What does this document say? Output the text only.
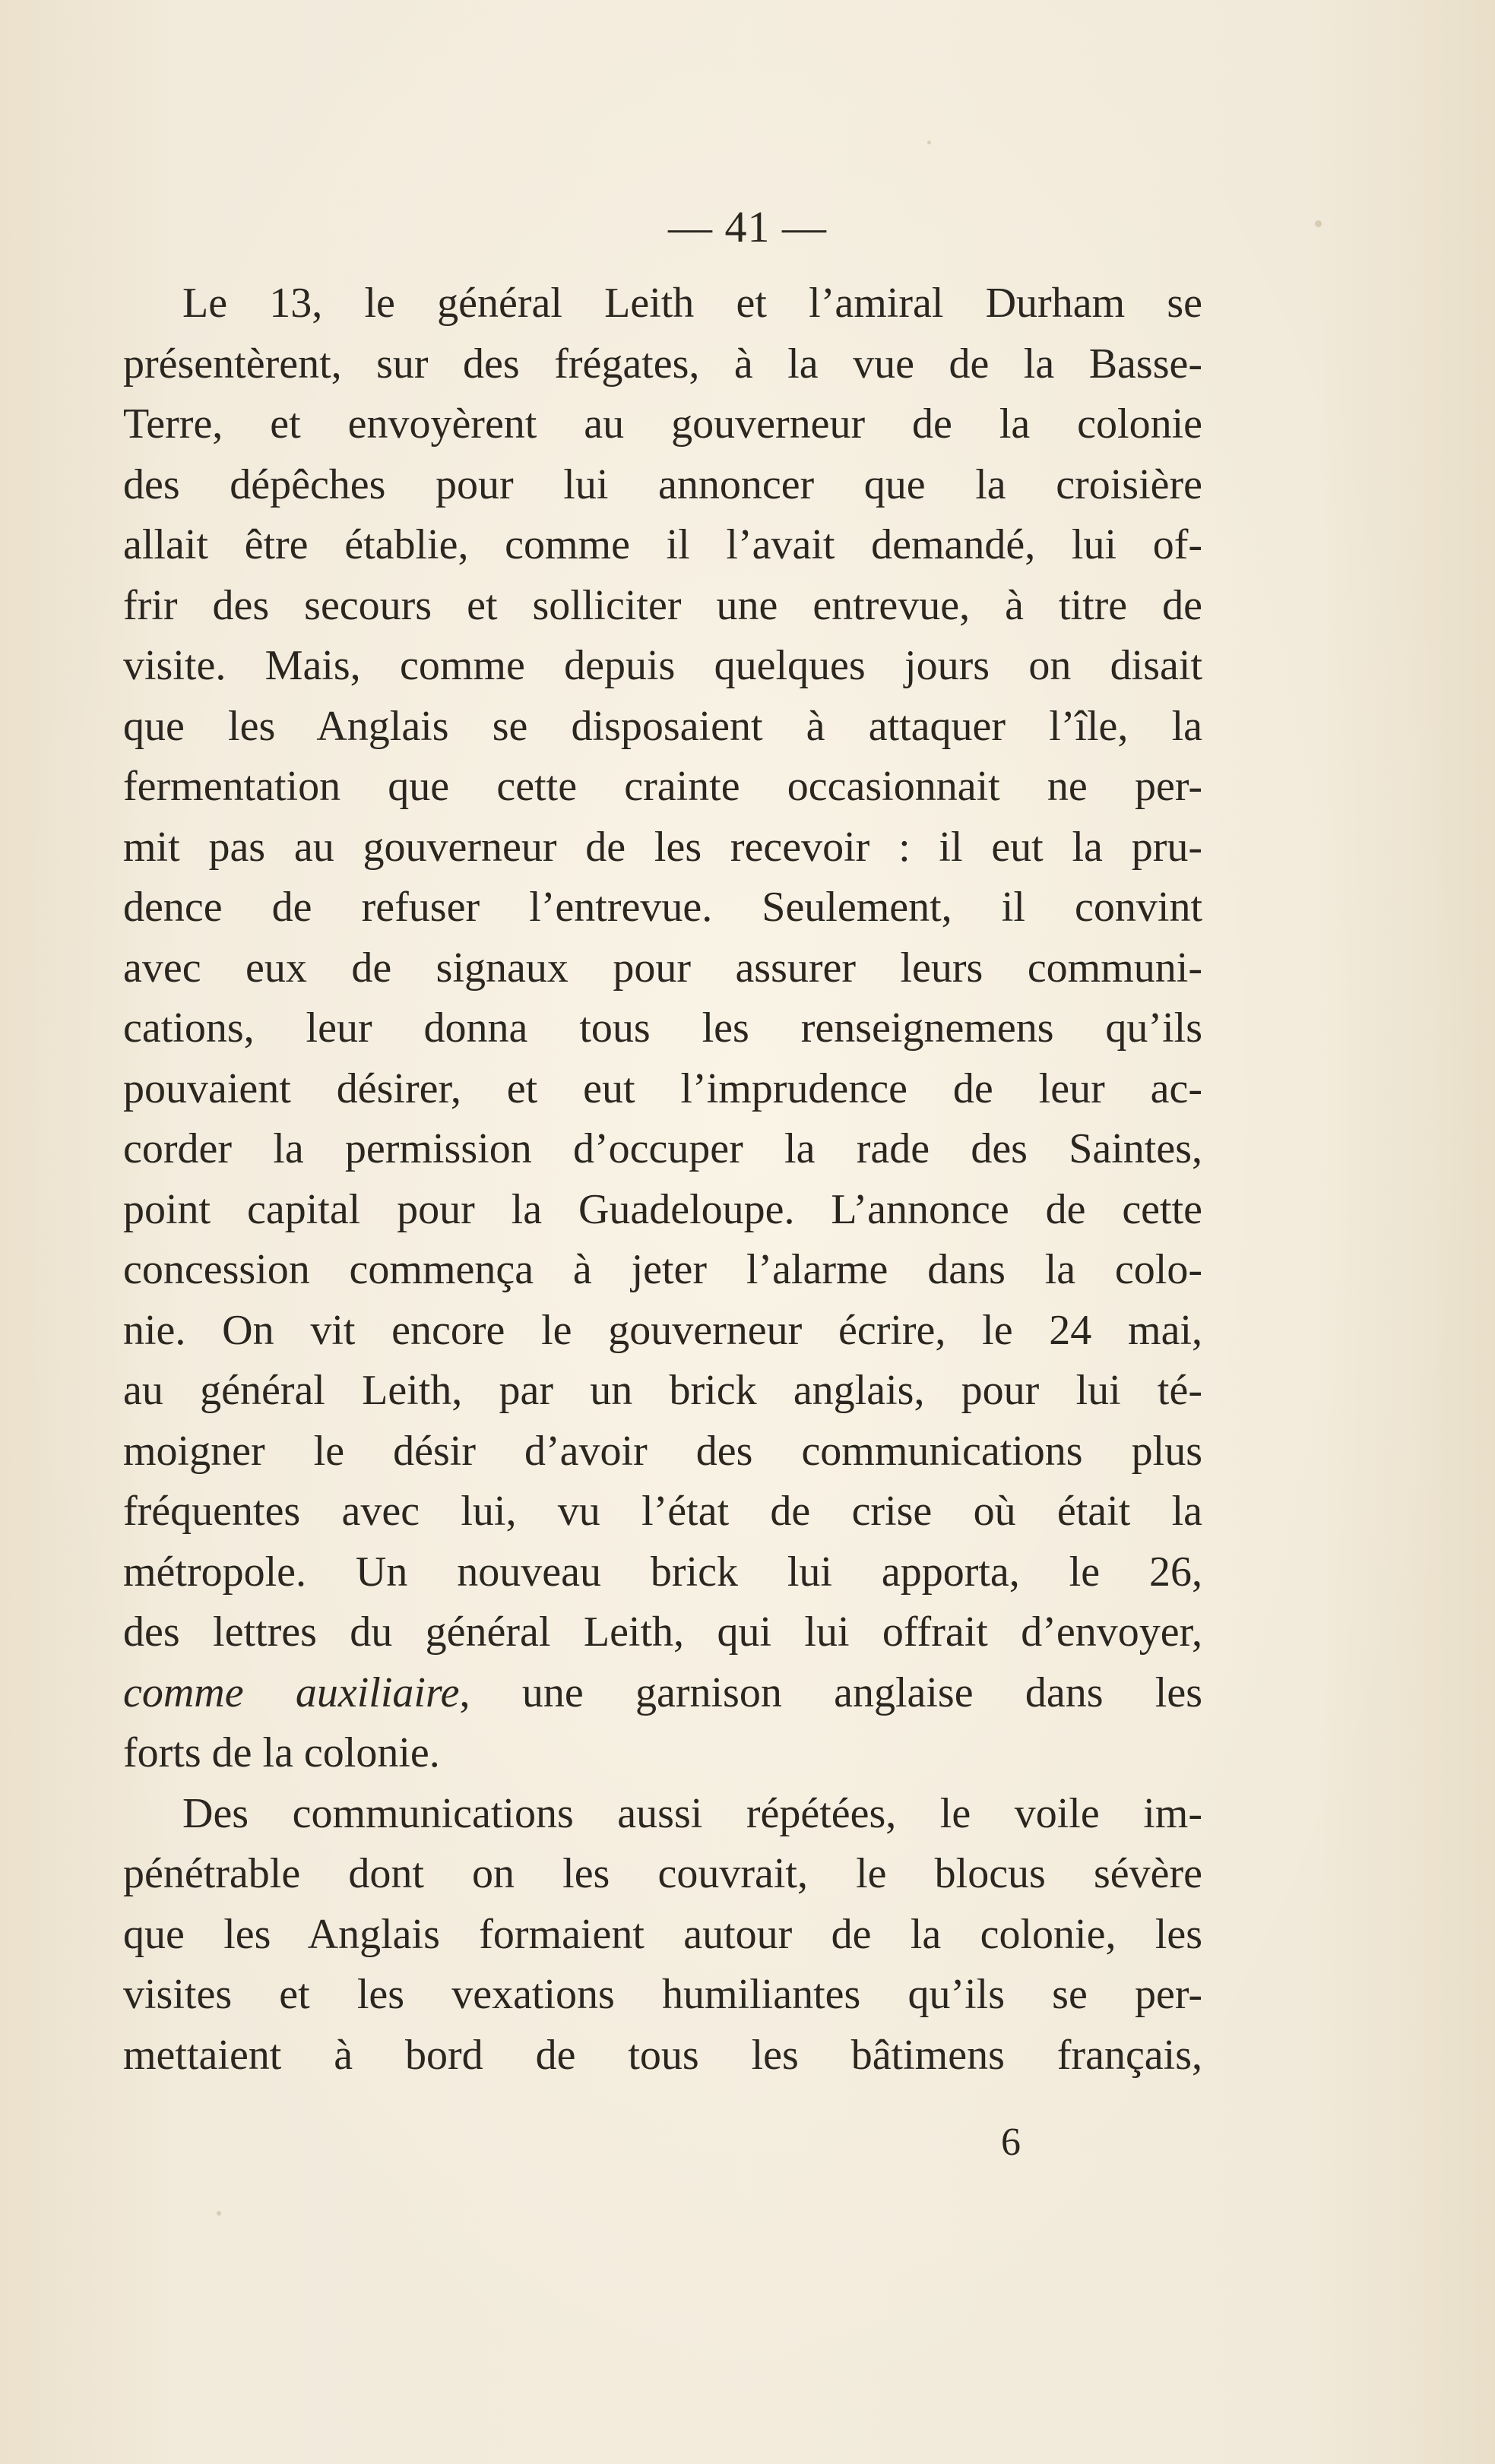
— 41 —
Le 13, le général Leith et l’amiral Durham se
présentèrent, sur des frégates, à la vue de la Basse-
Terre, et envoyèrent au gouverneur de la colonie
des dépêches pour lui annoncer que la croisière
allait être établie, comme il l’avait demandé, lui of-
frir des secours et solliciter une entrevue, à titre de
visite. Mais, comme depuis quelques jours on disait
que les Anglais se disposaient à attaquer l’île, la
fermentation que cette crainte occasionnait ne per-
mit pas au gouverneur de les recevoir : il eut la pru-
dence de refuser l’entrevue. Seulement, il convint
avec eux de signaux pour assurer leurs communi-
cations, leur donna tous les renseignemens qu’ils
pouvaient désirer, et eut l’imprudence de leur ac-
corder la permission d’occuper la rade des Saintes,
point capital pour la Guadeloupe. L’annonce de cette
concession commença à jeter l’alarme dans la colo-
nie. On vit encore le gouverneur écrire, le 24 mai,
au général Leith, par un brick anglais, pour lui té-
moigner le désir d’avoir des communications plus
fréquentes avec lui, vu l’état de crise où était la
métropole. Un nouveau brick lui apporta, le 26,
des lettres du général Leith, qui lui offrait d’envoyer,
comme auxiliaire, une garnison anglaise dans les
forts de la colonie.
Des communications aussi répétées, le voile im-
pénétrable dont on les couvrait, le blocus sévère
que les Anglais formaient autour de la colonie, les
visites et les vexations humiliantes qu’ils se per-
mettaient à bord de tous les bâtimens français,
6
